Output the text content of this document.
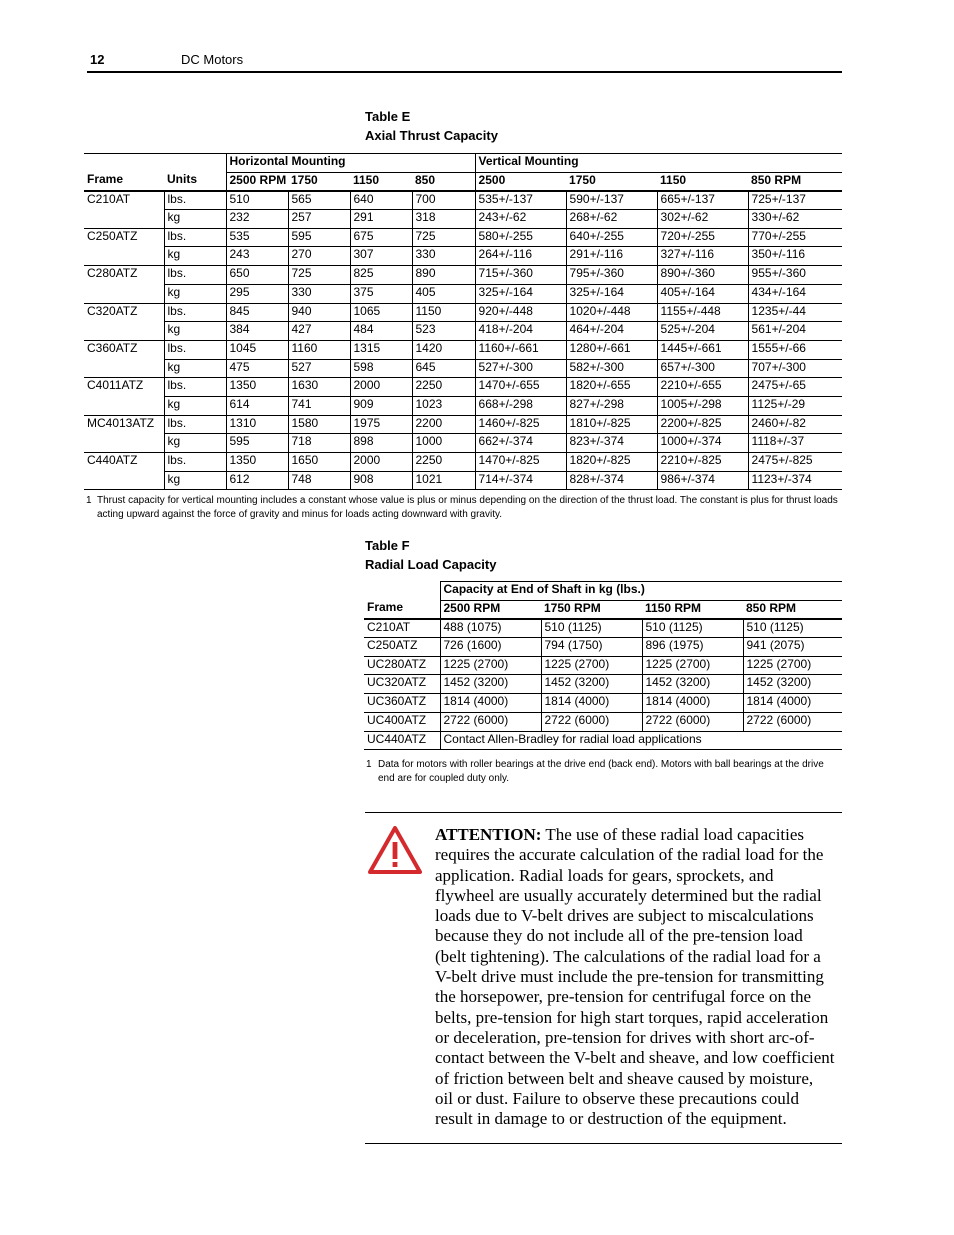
12	DC Motors
Table E
Axial Thrust Capacity
		Horizontal Mounting				Vertical Mounting			
Frame	Units	2500 RPM	1750	1150	850	2500	1750	1150	850 RPM
C210AT	lbs.	510	565	640	700	535+/-137	590+/-137	665+/-137	725+/-137
	kg	232	257	291	318	243+/-62	268+/-62	302+/-62	330+/-62
C250ATZ	lbs.	535	595	675	725	580+/-255	640+/-255	720+/-255	770+/-255
	kg	243	270	307	330	264+/-116	291+/-116	327+/-116	350+/-116
C280ATZ	lbs.	650	725	825	890	715+/-360	795+/-360	890+/-360	955+/-360
	kg	295	330	375	405	325+/-164	325+/-164	405+/-164	434+/-164
C320ATZ	lbs.	845	940	1065	1150	920+/-448	1020+/-448	1155+/-448	1235+/-44
	kg	384	427	484	523	418+/-204	464+/-204	525+/-204	561+/-204
C360ATZ	lbs.	1045	1160	1315	1420	1160+/-661	1280+/-661	1445+/-661	1555+/-66
	kg	475	527	598	645	527+/-300	582+/-300	657+/-300	707+/-300
C4011ATZ	lbs.	1350	1630	2000	2250	1470+/-655	1820+/-655	2210+/-655	2475+/-65
	kg	614	741	909	1023	668+/-298	827+/-298	1005+/-298	1125+/-29
MC4013ATZ	lbs.	1310	1580	1975	2200	1460+/-825	1810+/-825	2200+/-825	2460+/-82
	kg	595	718	898	1000	662+/-374	823+/-374	1000+/-374	1118+/-37
C440ATZ	lbs.	1350	1650	2000	2250	1470+/-825	1820+/-825	2210+/-825	2475+/-825
	kg	612	748	908	1021	714+/-374	828+/-374	986+/-374	1123+/-374
1 Thrust capacity for vertical mounting includes a constant whose value is plus or minus depending on the direction of the thrust load. The constant is plus for thrust loads acting upward against the force of gravity and minus for loads acting downward with gravity.
Table F
Radial Load Capacity
	Capacity at End of Shaft in kg (lbs.)			
Frame	2500 RPM	1750 RPM	1150 RPM	850 RPM
C210AT	488 (1075)	510 (1125)	510 (1125)	510 (1125)
C250ATZ	726 (1600)	794 (1750)	896 (1975)	941 (2075)
UC280ATZ	1225 (2700)	1225 (2700)	1225 (2700)	1225 (2700)
UC320ATZ	1452 (3200)	1452 (3200)	1452 (3200)	1452 (3200)
UC360ATZ	1814 (4000)	1814 (4000)	1814 (4000)	1814 (4000)
UC400ATZ	2722 (6000)	2722 (6000)	2722 (6000)	2722 (6000)
UC440ATZ	Contact Allen-Bradley for radial load applications			
1 Data for motors with roller bearings at the drive end (back end). Motors with ball bearings at the drive end are for coupled duty only.
ATTENTION: The use of these radial load capacities requires the accurate calculation of the radial load for the application. Radial loads for gears, sprockets, and flywheel are usually accurately determined but the radial loads due to V-belt drives are subject to miscalculations because they do not include all of the pre-tension load (belt tightening). The calculations of the radial load for a V-belt drive must include the pre-tension for transmitting the horsepower, pre-tension for centrifugal force on the belts, pre-tension for high start torques, rapid acceleration or deceleration, pre-tension for drives with short arc-of-contact between the V-belt and sheave, and low coefficient of friction between belt and sheave caused by moisture, oil or dust. Failure to observe these precautions could result in damage to or destruction of the equipment.
